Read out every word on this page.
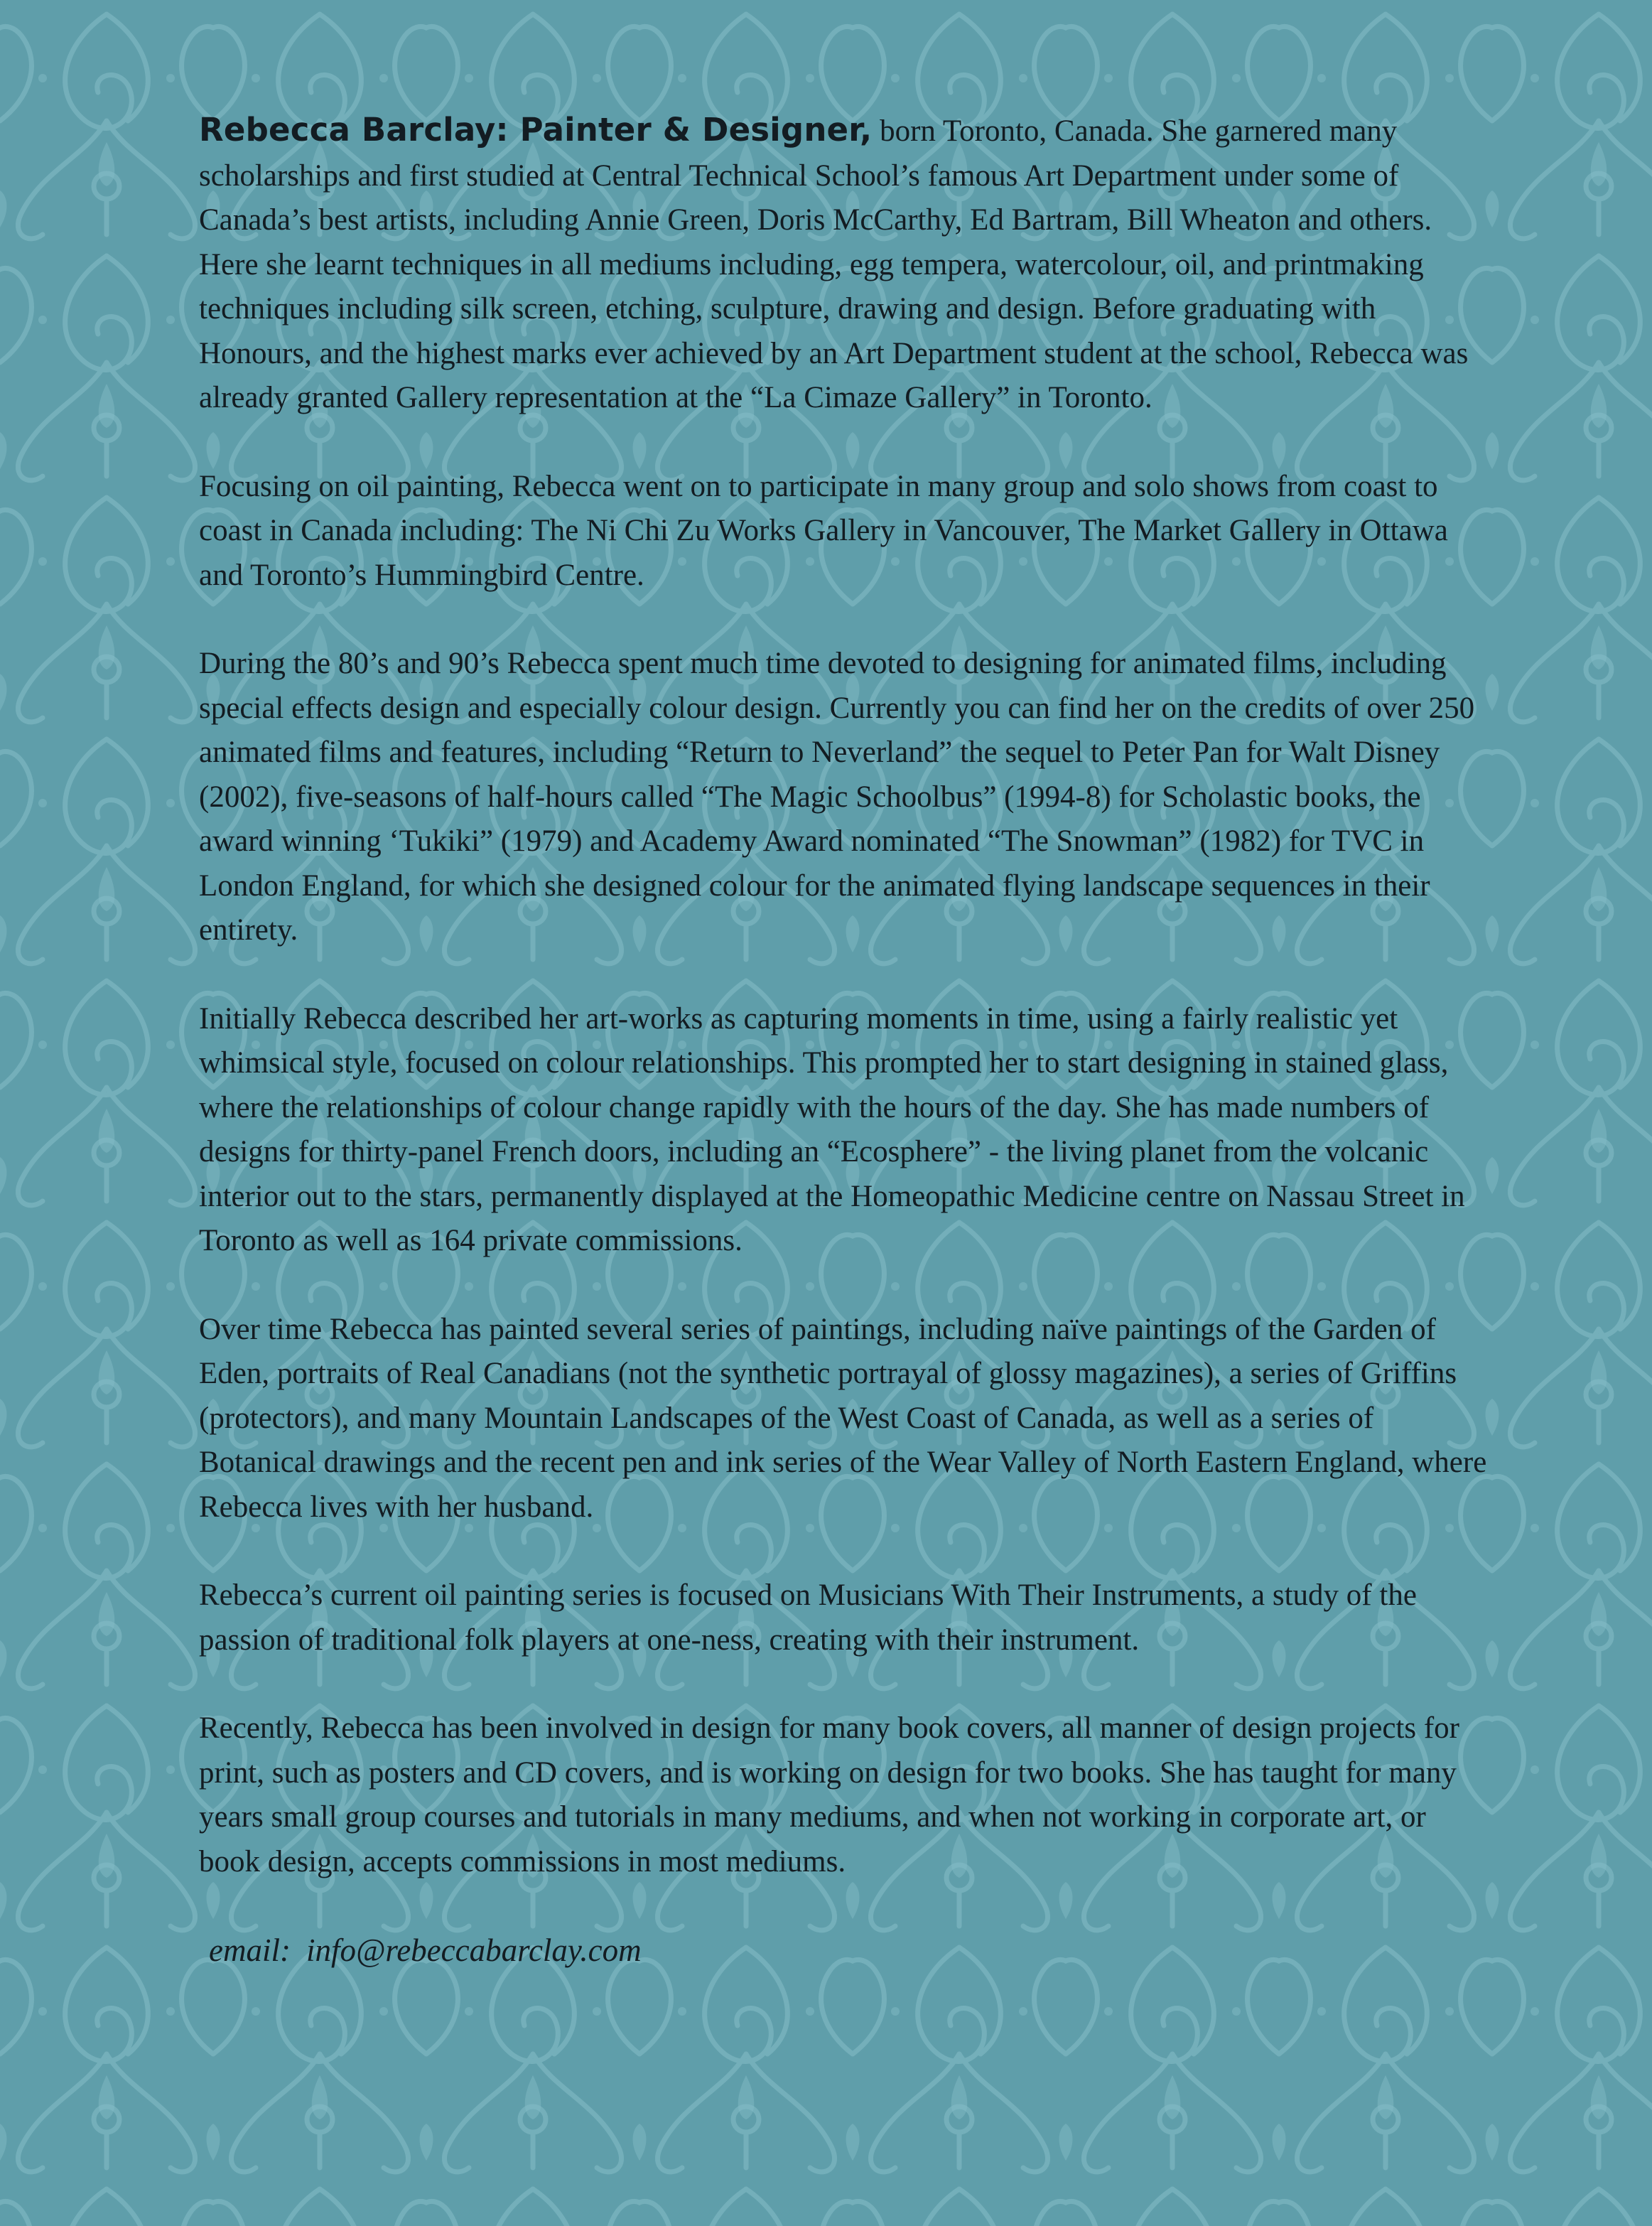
Rebecca Barclay: Painter & Designer, born Toronto, Canada. She garnered many scholarships and first studied at Central Technical School’s famous Art Department under some of Canada’s best artists, including Annie Green, Doris McCarthy, Ed Bartram, Bill Wheaton and others. Here she learnt techniques in all mediums including, egg tempera, watercolour, oil, and printmaking techniques including silk screen, etching, sculpture, drawing and design. Before graduating with Honours, and the highest marks ever achieved by an Art Department student at the school, Rebecca was already granted Gallery representation at the “La Cimaze Gallery” in Toronto.

Focusing on oil painting, Rebecca went on to participate in many group and solo shows from coast to coast in Canada including: The Ni Chi Zu Works Gallery in Vancouver, The Market Gallery in Ottawa and Toronto’s Hummingbird Centre.

During the 80’s and 90’s Rebecca spent much time devoted to designing for animated films, including special effects design and especially colour design. Currently you can find her on the credits of over 250 animated films and features, including “Return to Neverland” the sequel to Peter Pan for Walt Disney (2002), five-seasons of half-hours called “The Magic Schoolbus” (1994-8) for Scholastic books, the award winning ‘Tukiki” (1979) and Academy Award nominated “The Snowman” (1982) for TVC in London England, for which she designed colour for the animated flying landscape sequences in their entirety.

Initially Rebecca described her art-works as capturing moments in time, using a fairly realistic yet whimsical style, focused on colour relationships. This prompted her to start designing in stained glass, where the relationships of colour change rapidly with the hours of the day. She has made numbers of designs for thirty-panel French doors, including an “Ecosphere” - the living planet from the volcanic interior out to the stars, permanently displayed at the Homeopathic Medicine centre on Nassau Street in Toronto as well as 164 private commissions.

Over time Rebecca has painted several series of paintings, including naïve paintings of the Garden of Eden, portraits of Real Canadians (not the synthetic portrayal of glossy magazines), a series of Griffins (protectors), and many Mountain Landscapes of the West Coast of Canada, as well as a series of Botanical drawings and the recent pen and ink series of the Wear Valley of North Eastern England, where Rebecca lives with her husband.

Rebecca’s current oil painting series is focused on Musicians With Their Instruments, a study of the passion of traditional folk players at one-ness, creating with their instrument.

Recently, Rebecca has been involved in design for many book covers, all manner of design projects for print, such as posters and CD covers, and is working on design for two books. She has taught for many years small group courses and tutorials in many mediums, and when not working in corporate art, or book design, accepts commissions in most mediums.

email: info@rebeccabarclay.com
